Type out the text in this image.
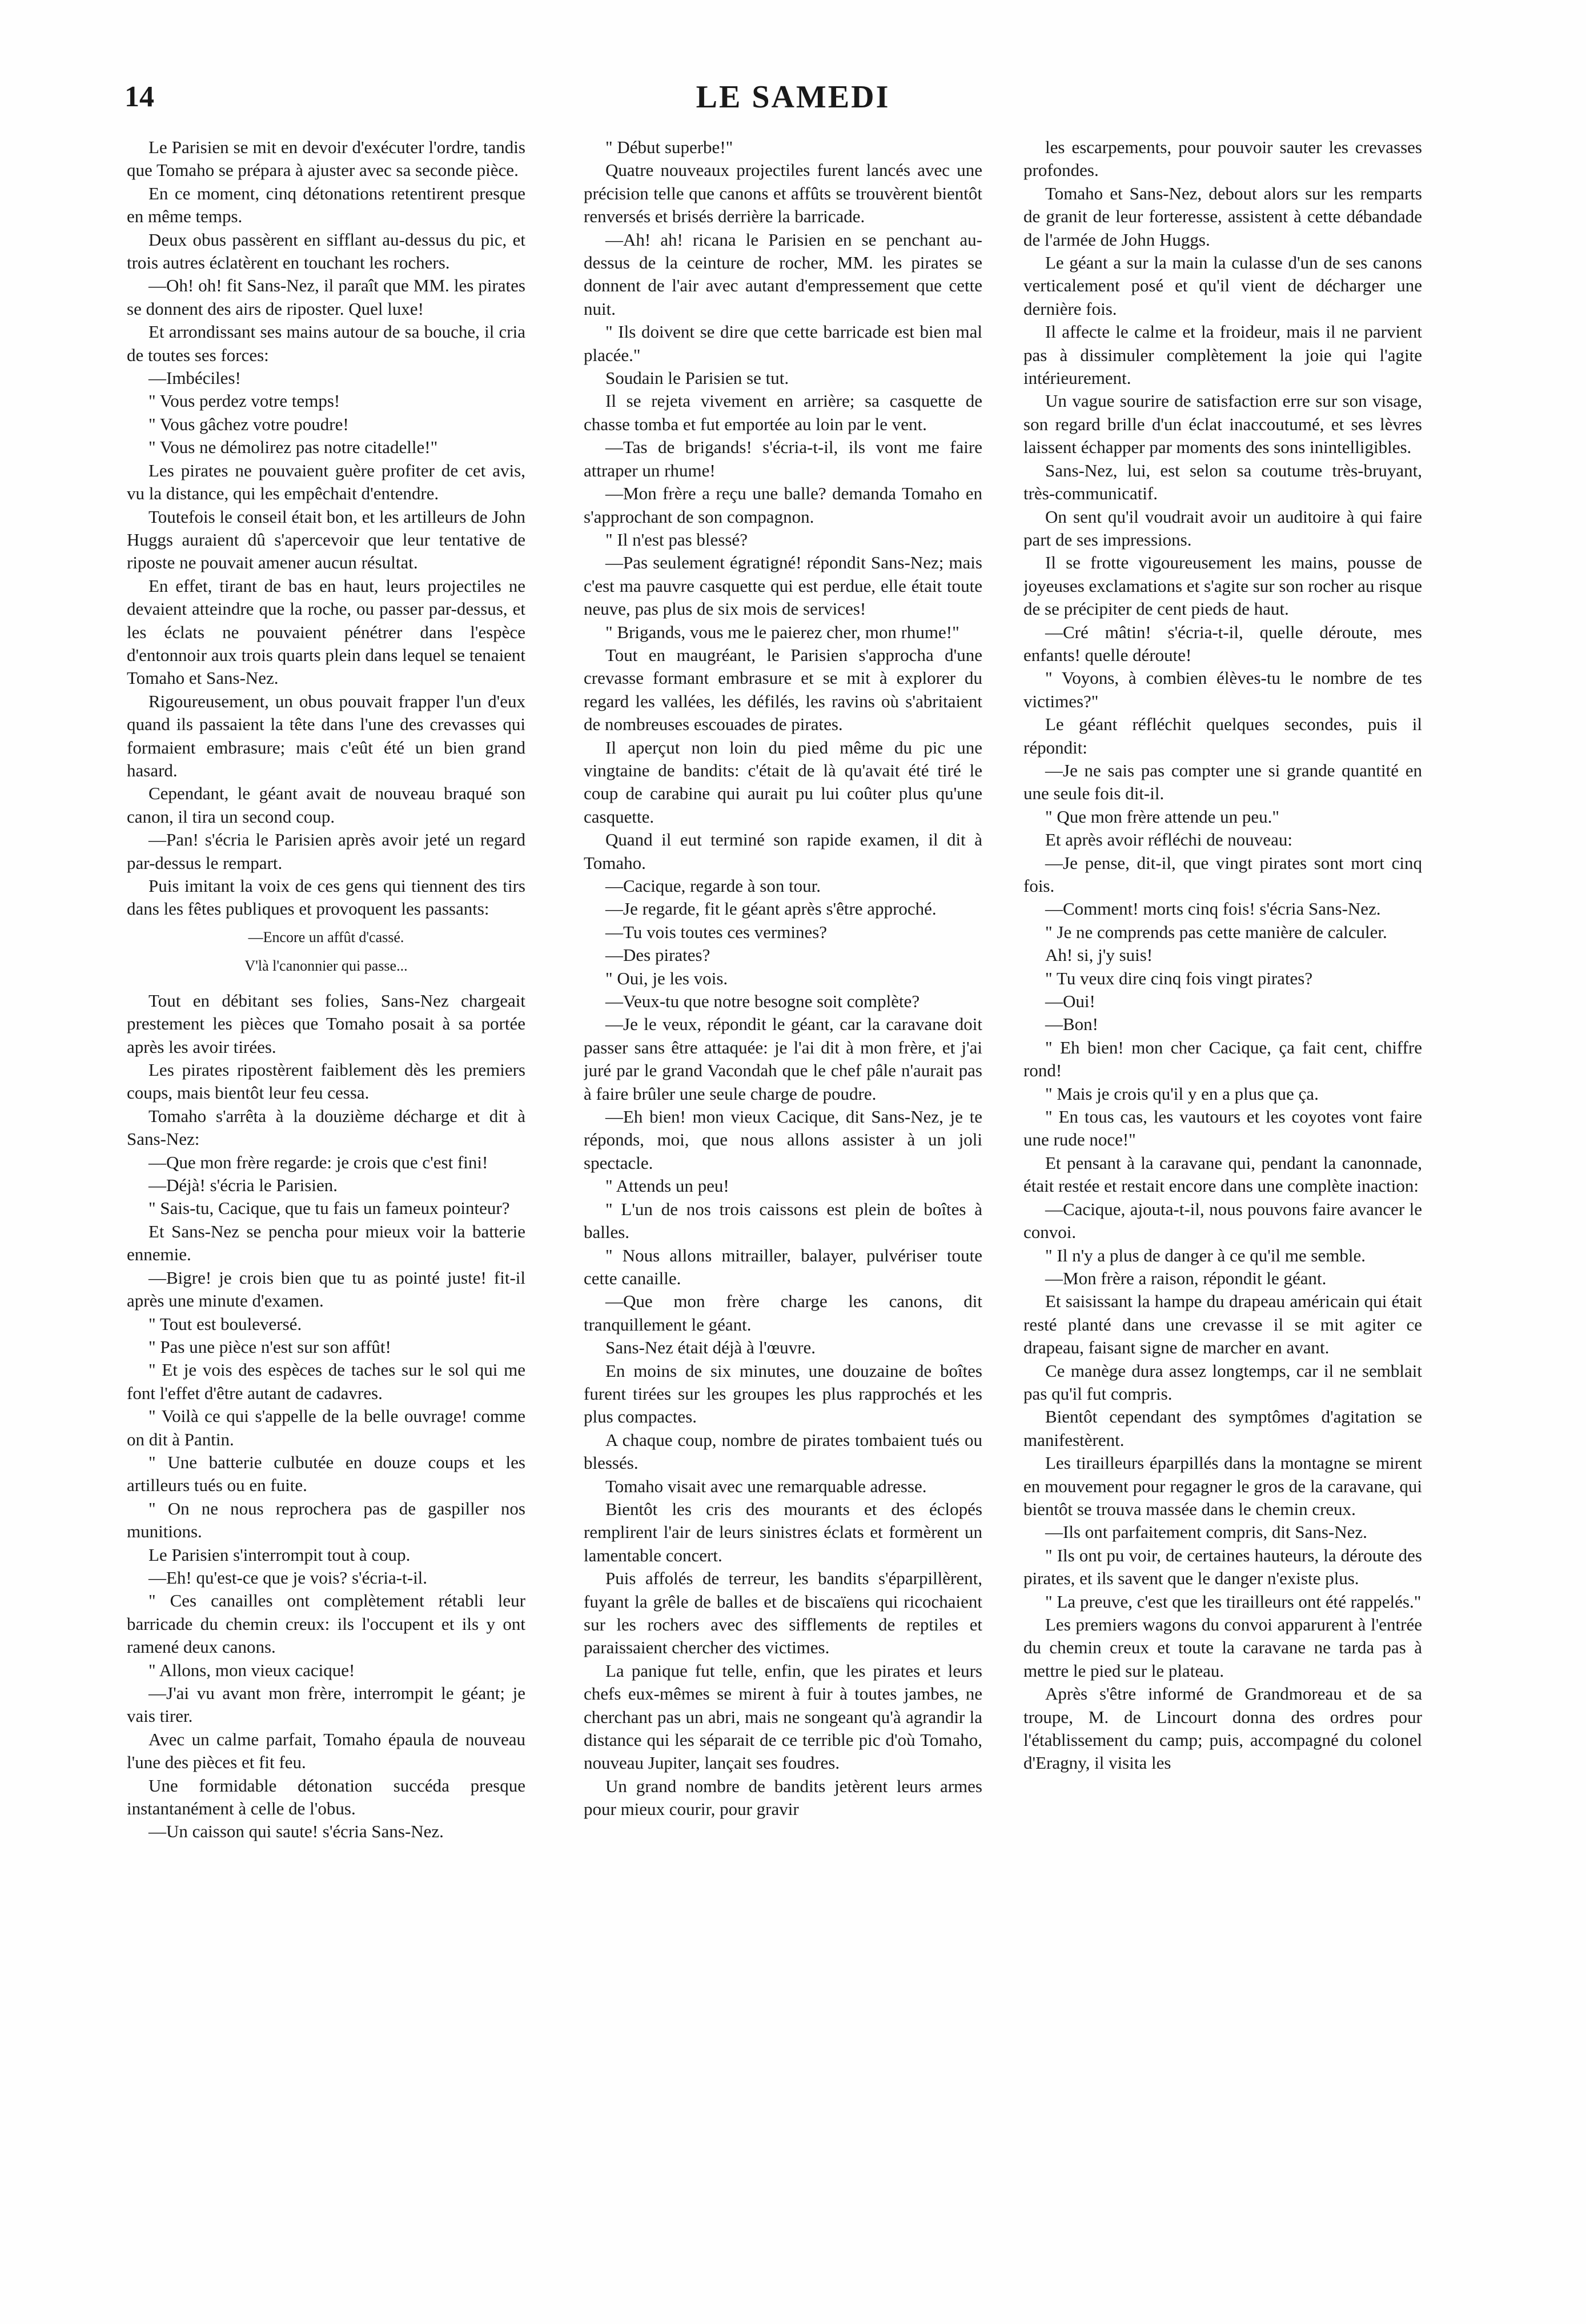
14	LE SAMEDI

Le Parisien se mit en devoir d'exécuter l'ordre, tandis que Tomaho se prépara à ajuster avec sa seconde pièce.

En ce moment, cinq détonations retentirent presque en même temps.

Deux obus passèrent en sifflant au-dessus du pic, et trois autres éclatèrent en touchant les rochers.

—Oh! oh! fit Sans-Nez, il paraît que MM. les pirates se donnent des airs de riposter. Quel luxe!

Et arrondissant ses mains autour de sa bouche, il cria de toutes ses forces:

—Imbéciles!

" Vous perdez votre temps!

" Vous gâchez votre poudre!

" Vous ne démolirez pas notre citadelle!"

Les pirates ne pouvaient guère profiter de cet avis, vu la distance, qui les empêchait d'entendre.

Toutefois le conseil était bon, et les artilleurs de John Huggs auraient dû s'apercevoir que leur tentative de riposte ne pouvait amener aucun résultat.

En effet, tirant de bas en haut, leurs projectiles ne devaient atteindre que la roche, ou passer par-dessus, et les éclats ne pouvaient pénétrer dans l'espèce d'entonnoir aux trois quarts plein dans lequel se tenaient Tomaho et Sans-Nez.

Rigoureusement, un obus pouvait frapper l'un d'eux quand ils passaient la tête dans l'une des crevasses qui formaient embrasure; mais c'eût été un bien grand hasard.

Cependant, le géant avait de nouveau braqué son canon, il tira un second coup.

—Pan! s'écria le Parisien après avoir jeté un regard par-dessus le rempart.

Puis imitant la voix de ces gens qui tiennent des tirs dans les fêtes publiques et provoquent les passants:

—Encore un affût d'cassé.

V'là l'canonnier qui passe...

Tout en débitant ses folies, Sans-Nez chargeait prestement les pièces que Tomaho posait à sa portée après les avoir tirées.

Les pirates ripostèrent faiblement dès les premiers coups, mais bientôt leur feu cessa.

Tomaho s'arrêta à la douzième décharge et dit à Sans-Nez:

—Que mon frère regarde: je crois que c'est fini!

—Déjà! s'écria le Parisien.

" Sais-tu, Cacique, que tu fais un fameux pointeur?

Et Sans-Nez se pencha pour mieux voir la batterie ennemie.

—Bigre! je crois bien que tu as pointé juste! fit-il après une minute d'examen.

" Tout est bouleversé.

" Pas une pièce n'est sur son affût!

" Et je vois des espèces de taches sur le sol qui me font l'effet d'être autant de cadavres.

" Voilà ce qui s'appelle de la belle ouvrage! comme on dit à Pantin.

" Une batterie culbutée en douze coups et les artilleurs tués ou en fuite.

" On ne nous reprochera pas de gaspiller nos munitions.

Le Parisien s'interrompit tout à coup.

—Eh! qu'est-ce que je vois? s'écria-t-il.

" Ces canailles ont complètement rétabli leur barricade du chemin creux: ils l'occupent et ils y ont ramené deux canons.

" Allons, mon vieux cacique!

—J'ai vu avant mon frère, interrompit le géant; je vais tirer.

Avec un calme parfait, Tomaho épaula de nouveau l'une des pièces et fit feu.

Une formidable détonation succéda presque instantanément à celle de l'obus.

—Un caisson qui saute! s'écria Sans-Nez.

" Début superbe!"

Quatre nouveaux projectiles furent lancés avec une précision telle que canons et affûts se trouvèrent bientôt renversés et brisés derrière la barricade.

—Ah! ah! ricana le Parisien en se penchant au-dessus de la ceinture de rocher, MM. les pirates se donnent de l'air avec autant d'empressement que cette nuit.

" Ils doivent se dire que cette barricade est bien mal placée."

Soudain le Parisien se tut.

Il se rejeta vivement en arrière; sa casquette de chasse tomba et fut emportée au loin par le vent.

—Tas de brigands! s'écria-t-il, ils vont me faire attraper un rhume!

—Mon frère a reçu une balle? demanda Tomaho en s'approchant de son compagnon.

" Il n'est pas blessé?

—Pas seulement égratigné! répondit Sans-Nez; mais c'est ma pauvre casquette qui est perdue, elle était toute neuve, pas plus de six mois de services!

" Brigands, vous me le paierez cher, mon rhume!"

Tout en maugréant, le Parisien s'approcha d'une crevasse formant embrasure et se mit à explorer du regard les vallées, les défilés, les ravins où s'abritaient de nombreuses escouades de pirates.

Il aperçut non loin du pied même du pic une vingtaine de bandits: c'était de là qu'avait été tiré le coup de carabine qui aurait pu lui coûter plus qu'une casquette.

Quand il eut terminé son rapide examen, il dit à Tomaho.

—Cacique, regarde à son tour.

—Je regarde, fit le géant après s'être approché.

—Tu vois toutes ces vermines?

—Des pirates?

" Oui, je les vois.

—Veux-tu que notre besogne soit complète?

—Je le veux, répondit le géant, car la caravane doit passer sans être attaquée: je l'ai dit à mon frère, et j'ai juré par le grand Vacondah que le chef pâle n'aurait pas à faire brûler une seule charge de poudre.

—Eh bien! mon vieux Cacique, dit Sans-Nez, je te réponds, moi, que nous allons assister à un joli spectacle.

" Attends un peu!

" L'un de nos trois caissons est plein de boîtes à balles.

" Nous allons mitrailler, balayer, pulvériser toute cette canaille.

—Que mon frère charge les canons, dit tranquillement le géant.

Sans-Nez était déjà à l'œuvre.

En moins de six minutes, une douzaine de boîtes furent tirées sur les groupes les plus rapprochés et les plus compactes.

A chaque coup, nombre de pirates tombaient tués ou blessés.

Tomaho visait avec une remarquable adresse.

Bientôt les cris des mourants et des éclopés remplirent l'air de leurs sinistres éclats et formèrent un lamentable concert.

Puis affolés de terreur, les bandits s'éparpillèrent, fuyant la grêle de balles et de biscaïens qui ricochaient sur les rochers avec des sifflements de reptiles et paraissaient chercher des victimes.

La panique fut telle, enfin, que les pirates et leurs chefs eux-mêmes se mirent à fuir à toutes jambes, ne cherchant pas un abri, mais ne songeant qu'à agrandir la distance qui les séparait de ce terrible pic d'où Tomaho, nouveau Jupiter, lançait ses foudres.

Un grand nombre de bandits jetèrent leurs armes pour mieux courir, pour gravir

les escarpements, pour pouvoir sauter les crevasses profondes.

Tomaho et Sans-Nez, debout alors sur les remparts de granit de leur forteresse, assistent à cette débandade de l'armée de John Huggs.

Le géant a sur la main la culasse d'un de ses canons verticalement posé et qu'il vient de décharger une dernière fois.

Il affecte le calme et la froideur, mais il ne parvient pas à dissimuler complètement la joie qui l'agite intérieurement.

Un vague sourire de satisfaction erre sur son visage, son regard brille d'un éclat inaccoutumé, et ses lèvres laissent échapper par moments des sons inintelligibles.

Sans-Nez, lui, est selon sa coutume très-bruyant, très-communicatif.

On sent qu'il voudrait avoir un auditoire à qui faire part de ses impressions.

Il se frotte vigoureusement les mains, pousse de joyeuses exclamations et s'agite sur son rocher au risque de se précipiter de cent pieds de haut.

—Cré mâtin! s'écria-t-il, quelle déroute, mes enfants! quelle déroute!

" Voyons, à combien élèves-tu le nombre de tes victimes?"

Le géant réfléchit quelques secondes, puis il répondit:

—Je ne sais pas compter une si grande quantité en une seule fois dit-il.

" Que mon frère attende un peu."

Et après avoir réfléchi de nouveau:

—Je pense, dit-il, que vingt pirates sont mort cinq fois.

—Comment! morts cinq fois! s'écria Sans-Nez.

" Je ne comprends pas cette manière de calculer.

Ah! si, j'y suis!

" Tu veux dire cinq fois vingt pirates?

—Oui!

—Bon!

" Eh bien! mon cher Cacique, ça fait cent, chiffre rond!

" Mais je crois qu'il y en a plus que ça.

" En tous cas, les vautours et les coyotes vont faire une rude noce!"

Et pensant à la caravane qui, pendant la canonnade, était restée et restait encore dans une complète inaction:

—Cacique, ajouta-t-il, nous pouvons faire avancer le convoi.

" Il n'y a plus de danger à ce qu'il me semble.

—Mon frère a raison, répondit le géant.

Et saisissant la hampe du drapeau américain qui était resté planté dans une crevasse il se mit agiter ce drapeau, faisant signe de marcher en avant.

Ce manège dura assez longtemps, car il ne semblait pas qu'il fut compris.

Bientôt cependant des symptômes d'agitation se manifestèrent.

Les tirailleurs éparpillés dans la montagne se mirent en mouvement pour regagner le gros de la caravane, qui bientôt se trouva massée dans le chemin creux.

—Ils ont parfaitement compris, dit Sans-Nez.

" Ils ont pu voir, de certaines hauteurs, la déroute des pirates, et ils savent que le danger n'existe plus.

" La preuve, c'est que les tirailleurs ont été rappelés."

Les premiers wagons du convoi apparurent à l'entrée du chemin creux et toute la caravane ne tarda pas à mettre le pied sur le plateau.

Après s'être informé de Grandmoreau et de sa troupe, M. de Lincourt donna des ordres pour l'établissement du camp; puis, accompagné du colonel d'Eragny, il visita les
